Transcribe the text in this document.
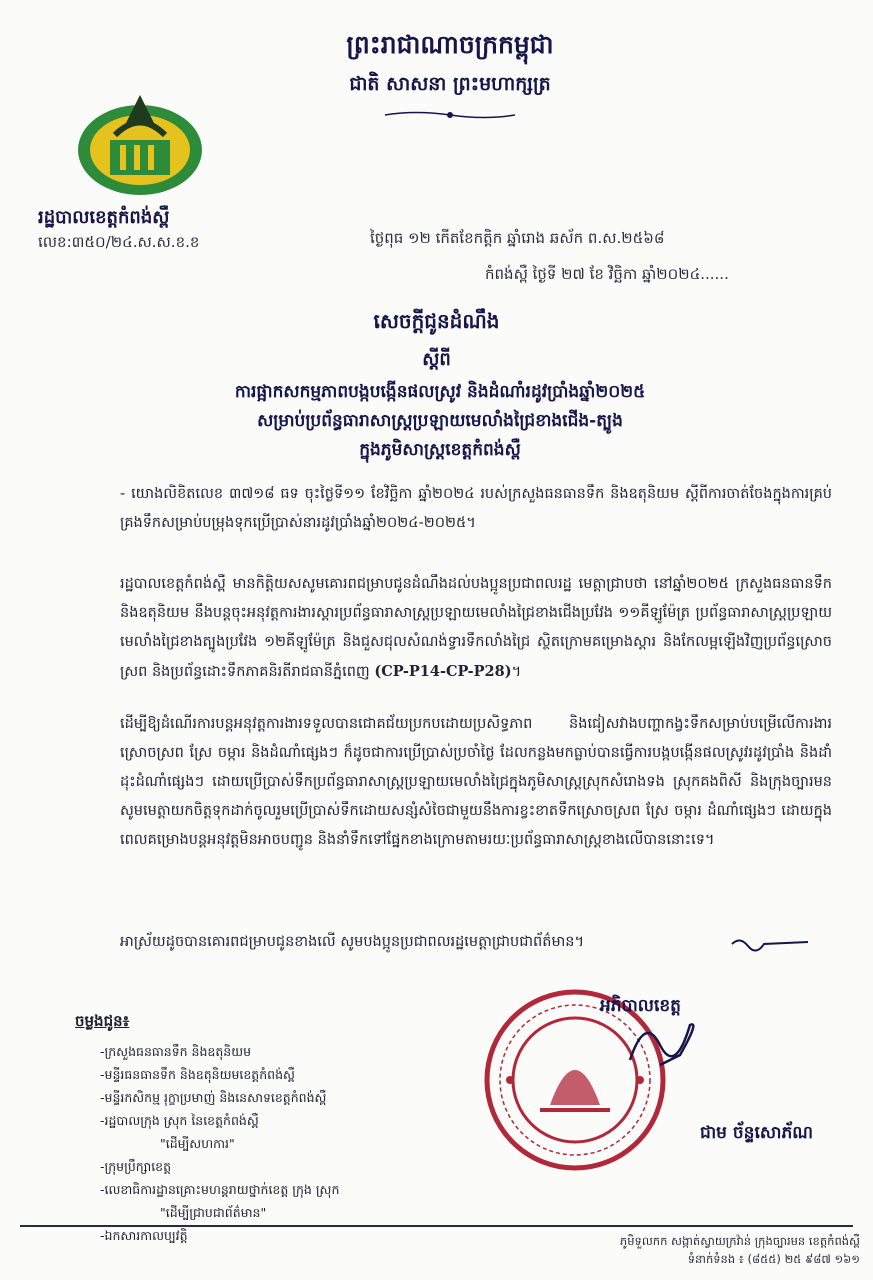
ព្រះរាជាណាចក្រកម្ពុជា
ជាតិ សាសនា ព្រះមហាក្សត្រ
រដ្ឋបាលខេត្តកំពង់ស្ពឺ
លេខ:៣៥០/២៤.ស.ស.ខ.ខ	ថ្ងៃពុធ ១២ កើតខែកត្តិក ឆ្នាំរោង ឆស័ក ព.ស.២៥៦៨
កំពង់ស្ពឺ ថ្ងៃទី ២៧ ខែ វិច្ឆិកា ឆ្នាំ២០២៤......
សេចក្តីជូនដំណឹង
ស្តីពី
ការផ្អាកសកម្មភាពបង្កបង្កើនផលស្រូវ និងដំណាំរដូវប្រាំងឆ្នាំ២០២៥
សម្រាប់ប្រព័ន្ធធារាសាស្ត្រប្រឡាយមេលាំងជ្រៃខាងជើង-ត្បូង
ក្នុងភូមិសាស្ត្រខេត្តកំពង់ស្ពឺ
- យោងលិខិតលេខ ៣៧១៨ ធទ ចុះថ្ងៃទី១១ ខែវិច្ឆិកា ឆ្នាំ២០២៤ របស់ក្រសួងធនធានទឹក និងឧតុនិយម ស្តីពីការចាត់ចែងក្នុងការគ្រប់គ្រងទឹកសម្រាប់បម្រុងទុកប្រើប្រាស់នារដូវប្រាំងឆ្នាំ២០២៤-២០២៥។
រដ្ឋបាលខេត្តកំពង់ស្ពឺ មានកិត្តិយសសូមគោរពជម្រាបជូនដំណឹងដល់បងប្អូនប្រជាពលរដ្ឋ មេត្តាជ្រាបថា នៅឆ្នាំ២០២៥ ក្រសួងធនធានទឹក និងឧតុនិយម នឹងបន្តចុះអនុវត្តការងារស្តារប្រព័ន្ធធារាសាស្ត្រប្រឡាយមេលាំងជ្រៃខាងជើងប្រវែង ១១គីឡូម៉ែត្រ ប្រព័ន្ធធារាសាស្ត្រប្រឡាយមេលាំងជ្រៃខាងត្បូងប្រវែង ១២គីឡូម៉ែត្រ និងជួសជុលសំណង់ទ្វារទឹកលាំងជ្រៃ ស្ថិតក្រោមគម្រោងស្តារ និងកែលម្អឡើងវិញប្រព័ន្ធស្រោចស្រព និងប្រព័ន្ធដោះទឹកភាគនិរតីរាជធានីភ្នំពេញ (CP-P14-CP-P28)។
ដើម្បីឱ្យដំណើរការបន្តអនុវត្តការងារទទួលបានជោគជ័យប្រកបដោយប្រសិទ្ធភាព និងជៀសវាងបញ្ហាកង្វះទឹកសម្រាប់បម្រើលើការងារស្រោចស្រព ស្រែ ចម្ការ និងដំណាំផ្សេងៗ ក៏ដូចជាការប្រើប្រាស់ប្រចាំថ្ងៃ ដែលកន្លងមកធ្លាប់បានធ្វើការបង្កបង្កើនផលស្រូវរដូវប្រាំង និងដាំដុះដំណាំផ្សេងៗ ដោយប្រើប្រាស់ទឹកប្រព័ន្ធធារាសាស្ត្រប្រឡាយមេលាំងជ្រៃក្នុងភូមិសាស្ត្រស្រុកសំរោងទង ស្រុកគងពិសី និងក្រុងច្បារមន សូមមេត្តាយកចិត្តទុកដាក់ចូលរួមប្រើប្រាស់ទឹកដោយសន្សំសំចៃជាមួយនឹងការខ្វះខាតទឹកស្រោចស្រព ស្រែ ចម្ការ ដំណាំផ្សេងៗ ដោយក្នុងពេលគម្រោងបន្តអនុវត្តមិនអាចបញ្ជូន និងនាំទឹកទៅផ្នែកខាងក្រោមតាមរយៈប្រព័ន្ធធារាសាស្ត្រខាងលើបាននោះទេ។
អាស្រ័យដូចបានគោរពជម្រាបជូនខាងលើ សូមបងប្អូនប្រជាពលរដ្ឋមេត្តាជ្រាបជាព័ត៌មាន។
ចម្លងជូន៖
-ក្រសួងធនធានទឹក និងឧតុនិយម
-មន្ទីរធនធានទឹក និងឧតុនិយមខេត្តកំពង់ស្ពឺ
-មន្ទីរកសិកម្ម រុក្ខាប្រមាញ់ និងនេសាទខេត្តកំពង់ស្ពឺ
-រដ្ឋបាលក្រុង ស្រុក នៃខេត្តកំពង់ស្ពឺ
"ដើម្បីសហការ"
-ក្រុមប្រឹក្សាខេត្ត
-លេខាធិការដ្ឋានគ្រោះមហន្តរាយថ្នាក់ខេត្ត ក្រុង ស្រុក
"ដើម្បីជ្រាបជាព័ត៌មាន"
-ឯកសារកាលប្បវត្តិ
អភិបាលខេត្ត
ជាម ច័ន្ទសោភ័ណ
ភូមិទួលកក សង្កាត់ស្វាយក្រវ៉ាន់ ក្រុងច្បារមន ខេត្តកំពង់ស្ពឺ
ទំនាក់ទំនង ៖ (៨៥៥) ២៥ ៩៨៧ ១៦១
